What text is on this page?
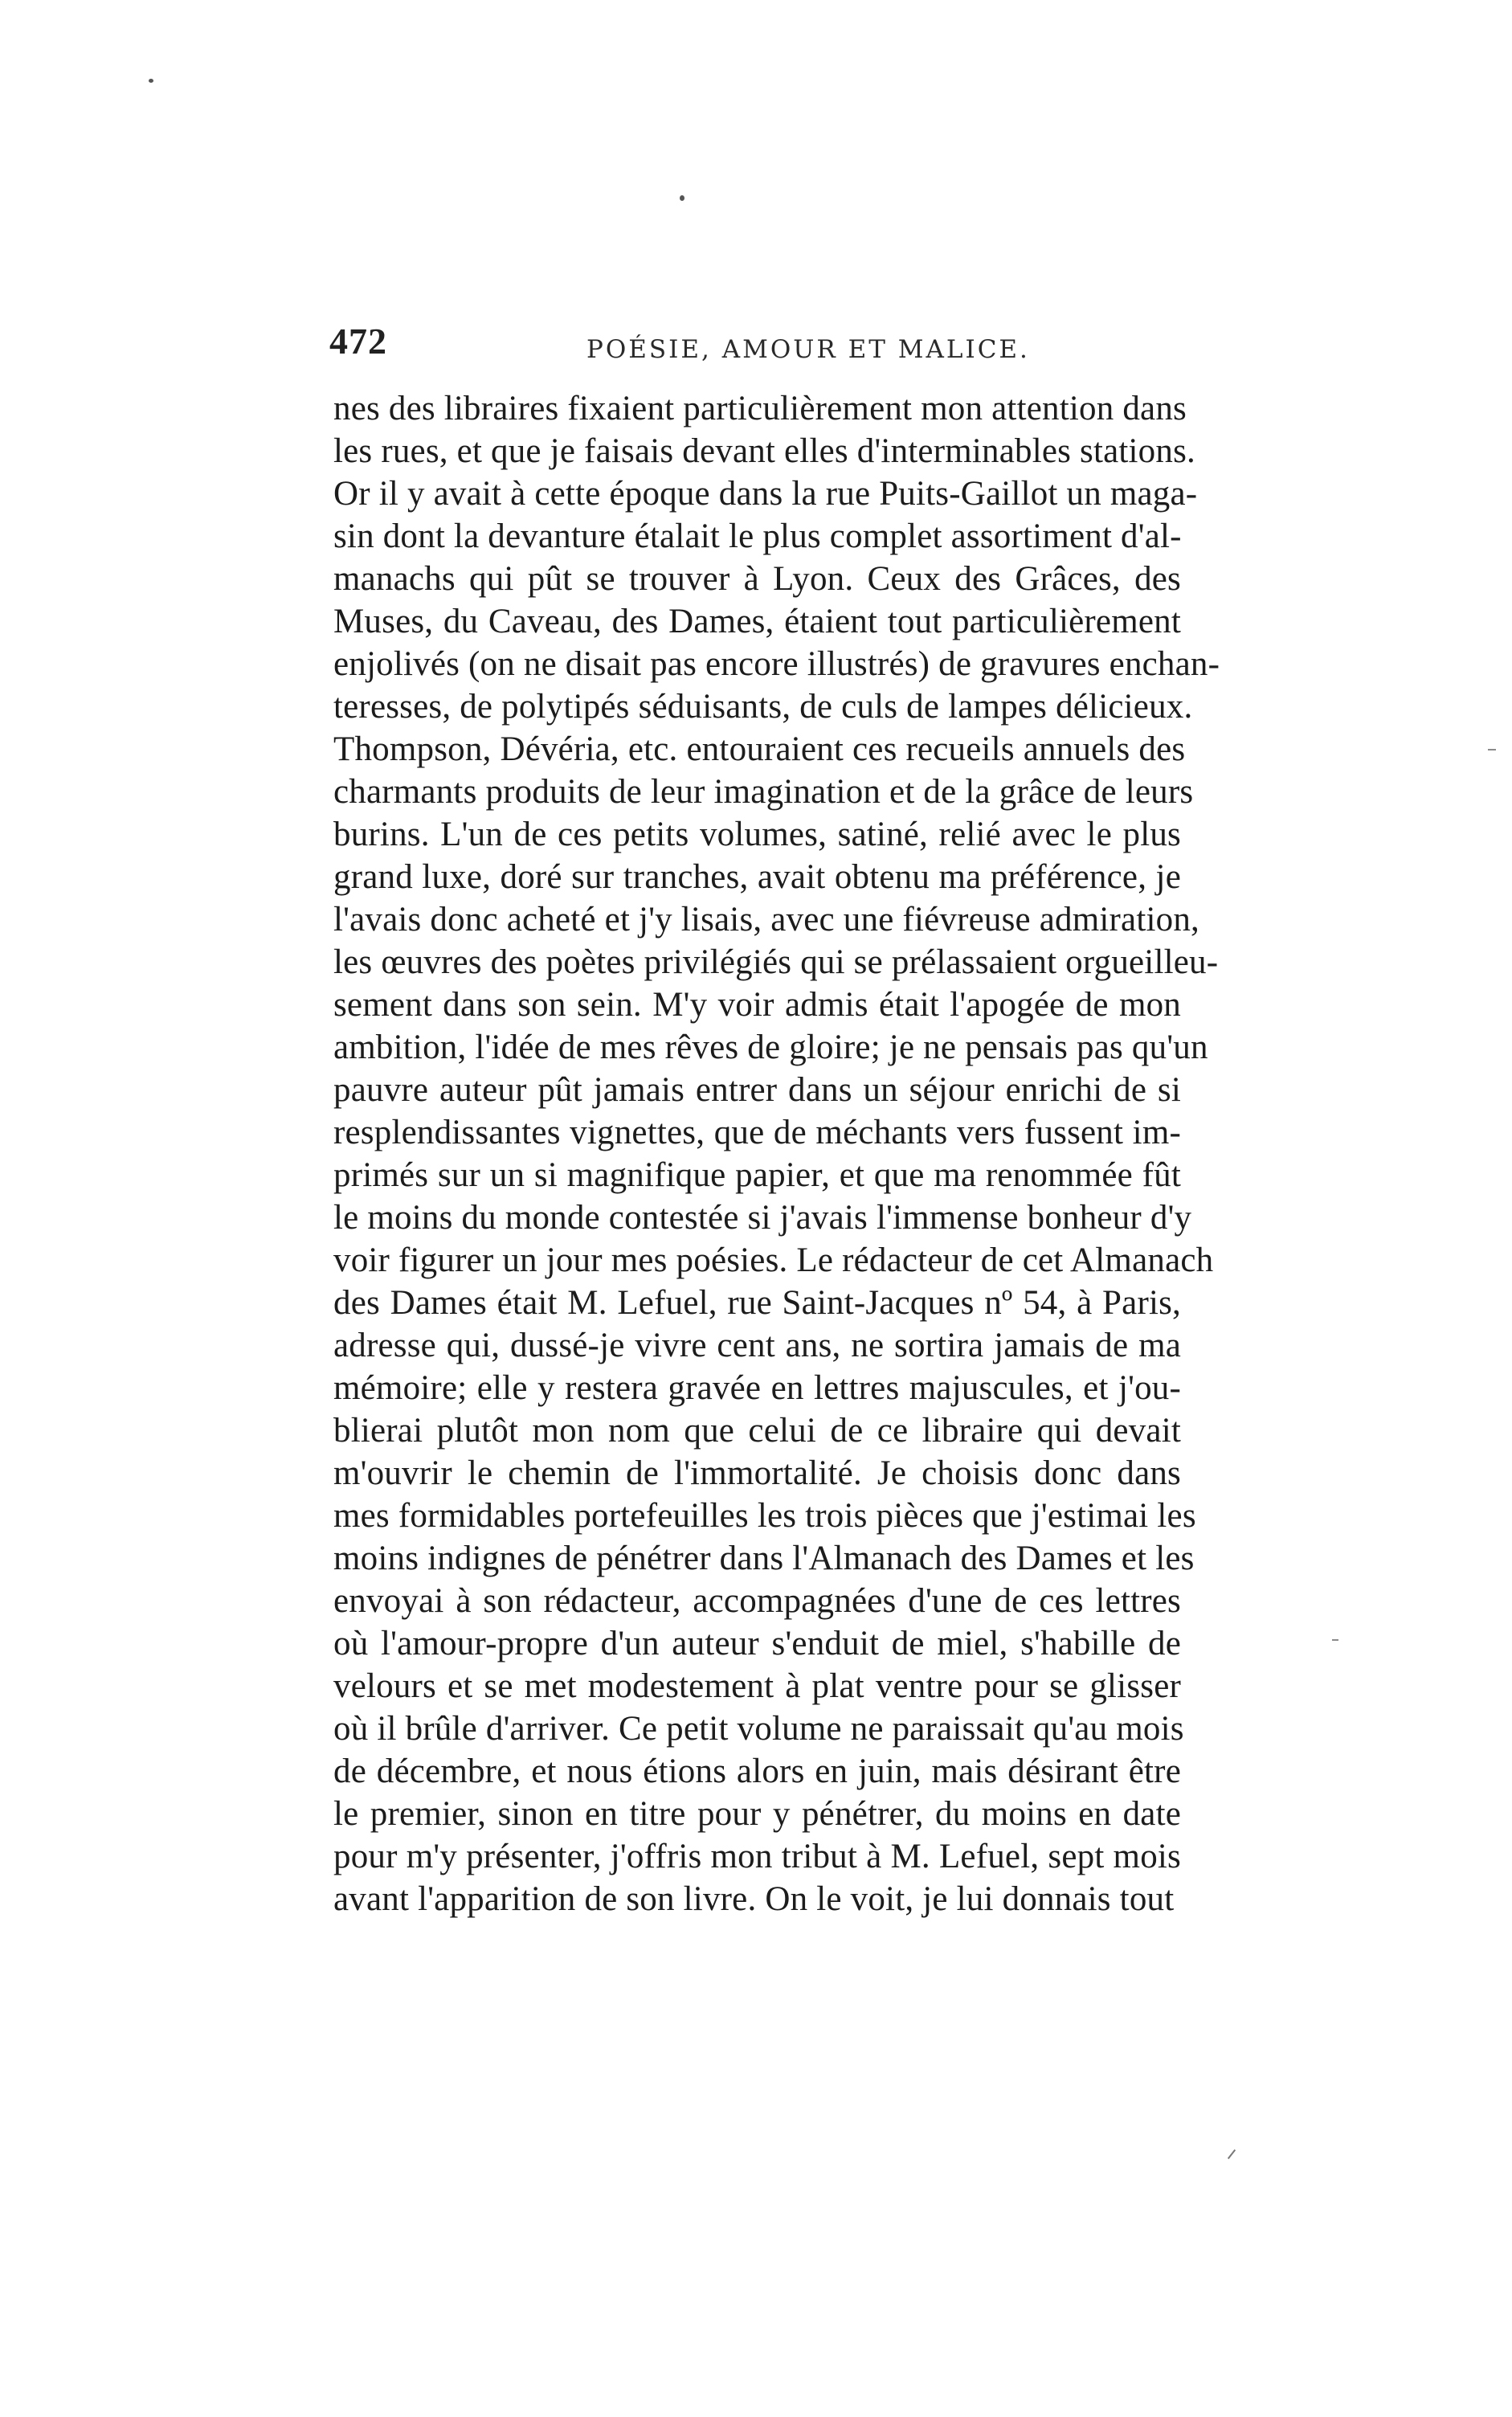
472	POÉSIE, AMOUR ET MALICE.
nes des libraires fixaient particulièrement mon attention dans
les rues, et que je faisais devant elles d'interminables stations.
Or il y avait à cette époque dans la rue Puits-Gaillot un maga-
sin dont la devanture étalait le plus complet assortiment d'al-
manachs qui pût se trouver à Lyon. Ceux des Grâces, des
Muses, du Caveau, des Dames, étaient tout particulièrement
enjolivés (on ne disait pas encore illustrés) de gravures enchan-
teresses, de polytipés séduisants, de culs de lampes délicieux.
Thompson, Dévéria, etc. entouraient ces recueils annuels des
charmants produits de leur imagination et de la grâce de leurs
burins. L'un de ces petits volumes, satiné, relié avec le plus
grand luxe, doré sur tranches, avait obtenu ma préférence, je
l'avais donc acheté et j'y lisais, avec une fiévreuse admiration,
les œuvres des poètes privilégiés qui se prélassaient orgueilleu-
sement dans son sein. M'y voir admis était l'apogée de mon
ambition, l'idée de mes rêves de gloire; je ne pensais pas qu'un
pauvre auteur pût jamais entrer dans un séjour enrichi de si
resplendissantes vignettes, que de méchants vers fussent im-
primés sur un si magnifique papier, et que ma renommée fût
le moins du monde contestée si j'avais l'immense bonheur d'y
voir figurer un jour mes poésies. Le rédacteur de cet Almanach
des Dames était M. Lefuel, rue Saint-Jacques nº 54, à Paris,
adresse qui, dussé-je vivre cent ans, ne sortira jamais de ma
mémoire; elle y restera gravée en lettres majuscules, et j'ou-
blierai plutôt mon nom que celui de ce libraire qui devait
m'ouvrir le chemin de l'immortalité. Je choisis donc dans
mes formidables portefeuilles les trois pièces que j'estimai les
moins indignes de pénétrer dans l'Almanach des Dames et les
envoyai à son rédacteur, accompagnées d'une de ces lettres
où l'amour-propre d'un auteur s'enduit de miel, s'habille de
velours et se met modestement à plat ventre pour se glisser
où il brûle d'arriver. Ce petit volume ne paraissait qu'au mois
de décembre, et nous étions alors en juin, mais désirant être
le premier, sinon en titre pour y pénétrer, du moins en date
pour m'y présenter, j'offris mon tribut à M. Lefuel, sept mois
avant l'apparition de son livre. On le voit, je lui donnais tout
